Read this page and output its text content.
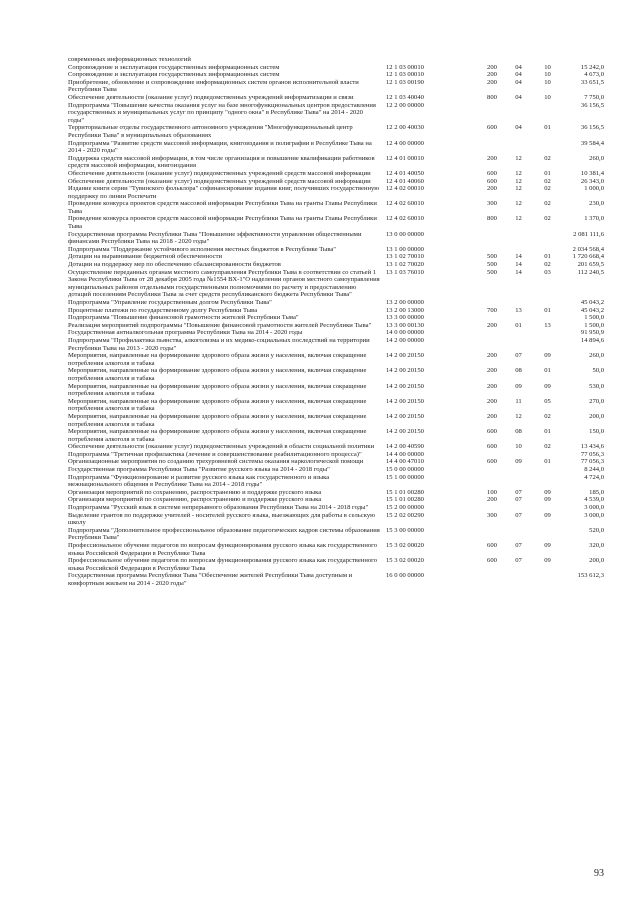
современных информационных технологий
Сопровождение и эксплуатация государственных информационных систем	12 1 03 00010	200	04	10	15 242,0
Сопровождение и эксплуатация государственных информационных систем	12 1 03 00010	200	04	10	4 673,0
Приобретение, обновление и сопровождение информационных систем органов исполнительной власти Республики Тыва
12 1 03 00190	200	04	10	33 651,5
Обеспечение деятельности (оказание услуг) подведомственных учреждений информатизации и связи	12 1 03 40040	800	04	10	7 750,0
Подпрограмма "Повышение качества оказания услуг на базе многофункциональных центров предоставления государственных и муниципальных услуг по принципу "одного окна" в Республике Тыва" на 2014 - 2020 годы"
12 2 00 00000	36 156,5
Территориальные отделы государственного автономного учреждения "Многофункциональный центр Республики Тыва" в муниципальных образованиях
12 2 00 40030	600	04	01	36 156,5
Подпрограмма "Развитие средств массовой информации, книгоиздания и полиграфии в Республике Тыва на 2014 - 2020 годы"
12 4 00 00000	39 584,4
Поддержка средств массовой информации, в том числе организация и повышение квалификации работников средств массовой информации, книгоиздания
12 4 01 00010	200	12	02	260,0
Обеспечение деятельности (оказание услуг) подведомственных учреждений средств массовой информации	12 4 01 40050	600	12	01	10 381,4
Обеспечение деятельности (оказание услуг) подведомственных учреждений средств массовой информации	12 4 01 40060	600	12	02	26 343,0
Издание книги серии "Тувинского фольклора" софинансирование издания книг, получивших государственную поддержку по линии Роспечати
12 4 02 00010	200	12	02	1 000,0
Проведение конкурса проектов средств массовой информации Республики Тыва на гранты Главы Республики Тыва
12 4 02 60010	300	12	02	230,0
Проведение конкурса проектов средств массовой информации Республики Тыва на гранты Главы Республики Тыва
12 4 02 60010	800	12	02	1 370,0
Государственная программа Республики Тыва "Повышение эффективности управления общественными финансами Республики Тыва на 2018 - 2020 годы"
13 0 00 00000	2 081 111,6
Подпрограмма "Поддержание устойчивого исполнения местных бюджетов в Республике Тыва"	13 1 00 00000	2 034 568,4
Дотации на выравнивание бюджетной обеспеченности	13 1 02 70010	500	14	01	1 720 668,4
Дотации на поддержку мер по обеспечению сбалансированности бюджетов	13 1 02 70020	500	14	02	201 659,5
Осуществление переданных органам местного самоуправления Республики Тыва в соответствии со статьей 1 Закона Республики Тыва от 28 декабря 2005 года №1554 ВХ-1"О наделении органов местного самоуправления муниципальных районов отдельными государственными полномочиями по расчету и предоставлению дотаций поселениям Республики Тыва за счет средств республиканского бюджета Республики Тыва"
13 1 03 76010	500	14	03	112 240,5
Подпрограмма "Управление государственным долгом Республики Тыва"	13 2 00 00000	45 043,2
Процентные платежи по государственному долгу Республики Тыва	13 2 00 13000	700	13	01	45 043,2
Подпрограмма "Повышение финансовой грамотности жителей Республики Тыва"	13 3 00 00000	1 500,0
Реализация мероприятий подпрограммы "Повышение финансовой грамотности жителей Республики Тыва"	13 3 00 00130	200	01	13	1 500,0
Государственная антиалкогольная программа Республики Тыва на 2014 - 2020 годы	14 0 00 00000	91 950,9
Подпрограмма "Профилактика пьянства, алкоголизма и их медико-социальных последствий на территории Республики Тыва на 2013 - 2020 годы"
14 2 00 00000	14 894,6
Мероприятия, направленные на формирование здорового образа жизни у населения, включая сокращение потребления алкоголя и табака
14 2 00 20150	200	07	09	260,0
Мероприятия, направленные на формирование здорового образа жизни у населения, включая сокращение потребления алкоголя и табака
14 2 00 20150	200	08	01	50,0
Мероприятия, направленные на формирование здорового образа жизни у населения, включая сокращение потребления алкоголя и табака
14 2 00 20150	200	09	09	530,0
Мероприятия, направленные на формирование здорового образа жизни у населения, включая сокращение потребления алкоголя и табака
14 2 00 20150	200	11	05	270,0
Мероприятия, направленные на формирование здорового образа жизни у населения, включая сокращение потребления алкоголя и табака
14 2 00 20150	200	12	02	200,0
Мероприятия, направленные на формирование здорового образа жизни у населения, включая сокращение потребления алкоголя и табака
14 2 00 20150	600	08	01	150,0
Обеспечение деятельности (оказание услуг) подведомственных учреждений в области социальной политики	14 2 00 40590	600	10	02	13 434,6
Подпрограмма "Третичная профилактика (лечение и совершенствование реабилитационного процесса)"	14 4 00 00000	77 056,3
Организационные мероприятия по созданию трехуровневой системы оказания наркологической помощи	14 4 00 47010	600	09	01	77 056,3
Государственная программа Республики Тыва "Развитие русского языка на 2014 - 2018 годы"	15 0 00 00000	8 244,0
Подпрограмма "Функционирование и развитие русского языка как государственного и языка межнационального общения в Республике Тыва на 2014 - 2018 годы"
15 1 00 00000	4 724,0
Организация мероприятий по сохранению, распространению и поддержке русского языка	15 1 01 00280	100	07	09	185,0
Организация мероприятий по сохранению, распространению и поддержке русского языка	15 1 01 00280	200	07	09	4 539,0
Подпрограмма "Русский язык в системе непрерывного образования Республики Тыва на 2014 - 2018 годы"	15 2 00 00000	3 000,0
Выделение грантов по поддержке учителей - носителей русского языка, выезжающих для работы в сельскую школу
15 2 02 00290	300	07	09	3 000,0
Подпрограмма "Дополнительное профессиональное образование педагогических кадров системы образования Республики Тыва"
15 3 00 00000	520,0
Профессиональное обучение педагогов по вопросам функционирования русского языка как государственного языка Российской Федерации в Республике Тыва
15 3 02 00020	600	07	09	320,0
Профессиональное обучение педагогов по вопросам функционирования русского языка как государственного языка Российской Федерации в Республике Тыва
15 3 02 00020	600	07	09	200,0
Государственная программа Республики Тыва "Обеспечение жителей Республики Тыва доступным и комфортным жильем на 2014 - 2020 годы"
16 0 00 00000	153 612,3
93
